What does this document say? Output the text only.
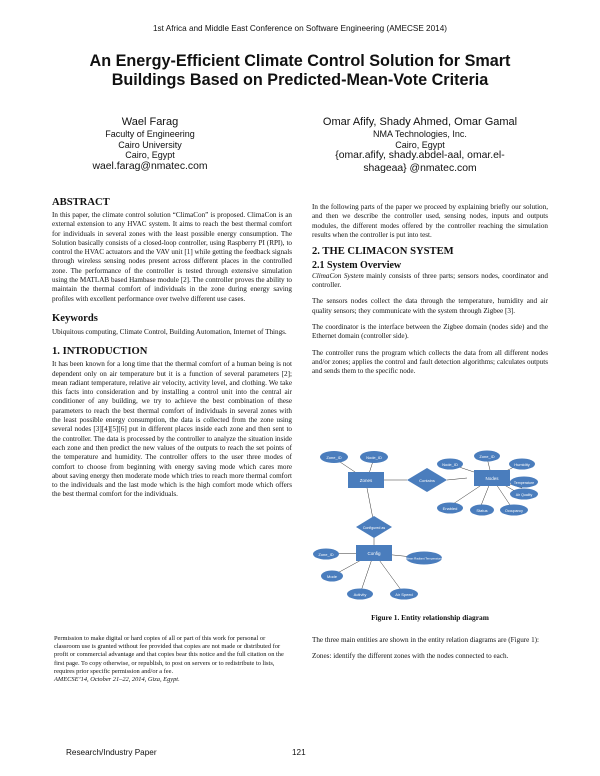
1st Africa and Middle East Conference on Software Engineering (AMECSE 2014)
An Energy-Efficient Climate Control Solution for Smart
Buildings Based on Predicted-Mean-Vote Criteria
Wael Farag
Faculty of Engineering
Cairo University
Cairo, Egypt
wael.farag@nmatec.com
Omar Afify, Shady Ahmed, Omar Gamal
NMA Technologies, Inc.
Cairo, Egypt
{omar.afify, shady.abdel-aal, omar.el-
shageaa} @nmatec.com
ABSTRACT
In this paper, the climate control solution “ClimaCon” is proposed. ClimaCon is an external extension to any HVAC system. It aims to reach the best thermal comfort for individuals in several zones with the least possible energy consumption. The Solution basically consists of a closed-loop controller, using Raspberry PI (RPI), to control the HVAC actuators and the VAV unit [1] while getting the feedback signals through wireless sensing nodes present across different places in the controlled zone. The performance of the controller is tested through extensive simulation using the MATLAB based Hambase module [2]. The controller proves the ability to maintain the thermal comfort of individuals in the zone during energy saving profiles with excellent performance over twelve different use cases.
Keywords
Ubiquitous computing, Climate Control, Building Automation, Internet of Things.
1. INTRODUCTION
It has been known for a long time that the thermal comfort of a human being is not dependent only on air temperature but it is a function of several parameters [2]; mean radiant temperature, relative air velocity, activity level, and clothing. We take this facts into consideration and by installing a control unit into the central air conditioner of any building, we try to achieve the best combination of these parameters to reach the best thermal comfort of individuals in several zones with the least possible energy consumption, the data is collected from the zone using several nodes [3][4][5][6] put in different places inside each zone and then sent to the controller. The data is processed by the controller to analyze the situation inside each zone and then predict the new values of the outputs to reach the set points of the temperature and humidity. The controller offers to the user three modes of comfort to choose from beginning with energy saving mode which cares more about saving energy then moderate mode which tries to reach more thermal comfort to the individuals and the last mode which is the high comfort mode which offers the best thermal comfort for the individuals.
Permission to make digital or hard copies of all or part of this work for personal or classroom use is granted without fee provided that copies are not made or distributed for profit or commercial advantage and that copies bear this notice and the full citation on the first page. To copy otherwise, or republish, to post on servers or to redistribute to lists, requires prior specific permission and/or a fee.
AMECSE’14, October 21–22, 2014, Giza, Egypt.

In the following parts of the paper we proceed by explaining briefly our solution, and then we describe the controller used, sensing nodes, inputs and outputs modules, the different modes offered by the controller reaching the simulation results when the controller is put into test.

2. THE CLIMACON SYSTEM
2.1 System Overview

ClimaCon System mainly consists of three parts; sensors nodes, coordinator and controller.

The sensors nodes collect the data through the temperature, humidity and air quality sensors; they communicate with the system through Zigbee [3].

The coordinator is the interface between the Zigbee domain (nodes side) and the Ethernet domain (controller side).

The controller runs the program which collects the data from all different nodes and/or zones; applies the control and fault detection algorithms; calculates outputs and sends them to the specific node.

Zone_ID	Node_ID
Zones	Contains
Node_ID
Zone_ID
Humidity
Nodes
Temperature
Air Quality
Enabled	Status	Occupancy
Configured as
Zone_ID	Config
Mean Radiant Temperature
Mode
Activity	Air Speed
Figure 1. Entity relationship diagram

The three main entities are shown in the entity relation diagrams are (Figure 1):

Zones: identify the different zones with the nodes connected to each.

Research/Industry Paper	121
